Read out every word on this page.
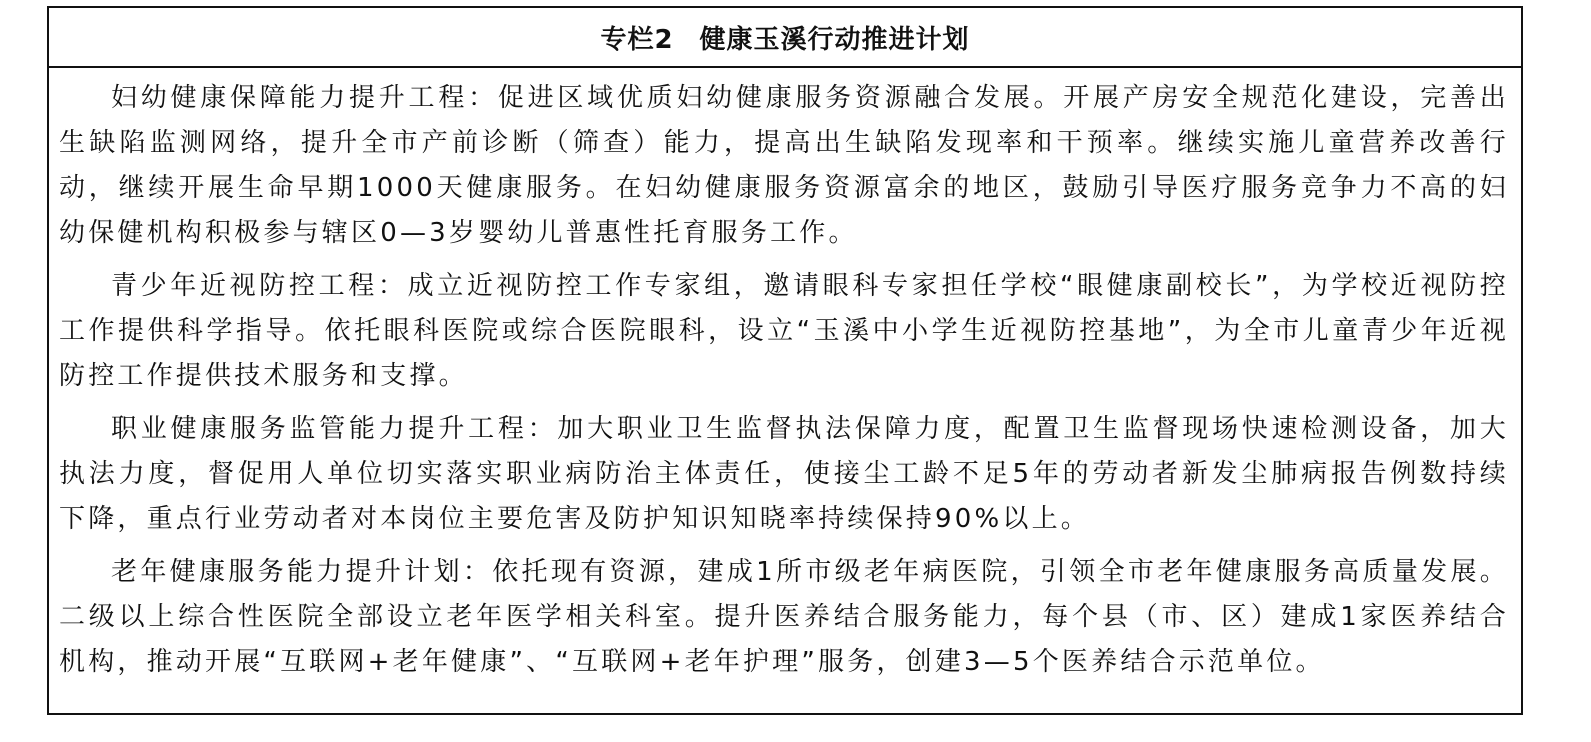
专栏2 健康玉溪行动推进计划

妇幼健康保障能力提升工程：促进区域优质妇幼健康服务资源融合发展。开展产房安全规范化建设，完善出生缺陷监测网络，提升全市产前诊断（筛查）能力，提高出生缺陷发现率和干预率。继续实施儿童营养改善行动，继续开展生命早期1000天健康服务。在妇幼健康服务资源富余的地区，鼓励引导医疗服务竞争力不高的妇幼保健机构积极参与辖区0—3岁婴幼儿普惠性托育服务工作。

青少年近视防控工程：成立近视防控工作专家组，邀请眼科专家担任学校“眼健康副校长”，为学校近视防控工作提供科学指导。依托眼科医院或综合医院眼科，设立“玉溪中小学生近视防控基地”，为全市儿童青少年近视防控工作提供技术服务和支撑。

职业健康服务监管能力提升工程：加大职业卫生监督执法保障力度，配置卫生监督现场快速检测设备，加大执法力度，督促用人单位切实落实职业病防治主体责任，使接尘工龄不足5年的劳动者新发尘肺病报告例数持续下降，重点行业劳动者对本岗位主要危害及防护知识知晓率持续保持90%以上。

老年健康服务能力提升计划：依托现有资源，建成1所市级老年病医院，引领全市老年健康服务高质量发展。二级以上综合性医院全部设立老年医学相关科室。提升医养结合服务能力，每个县（市、区）建成1家医养结合机构，推动开展“互联网+老年健康”、“互联网+老年护理”服务，创建3—5个医养结合示范单位。
